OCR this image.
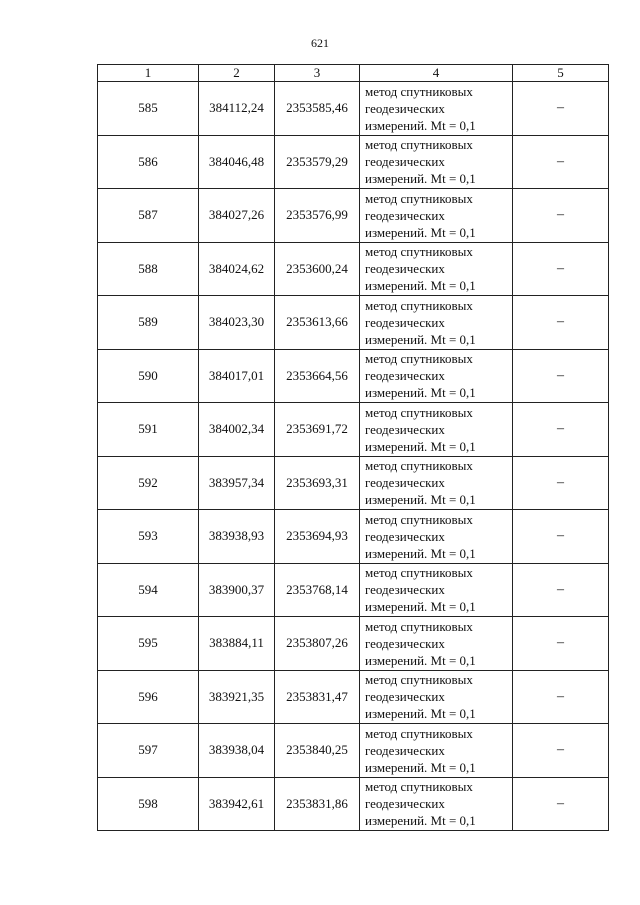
621
1	2	3	4	5
585	384112,24	2353585,46	метод спутниковых
геодезических
измерений. Mt = 0,1	–
586	384046,48	2353579,29	метод спутниковых
геодезических
измерений. Mt = 0,1	–
587	384027,26	2353576,99	метод спутниковых
геодезических
измерений. Mt = 0,1	–
588	384024,62	2353600,24	метод спутниковых
геодезических
измерений. Mt = 0,1	–
589	384023,30	2353613,66	метод спутниковых
геодезических
измерений. Mt = 0,1	–
590	384017,01	2353664,56	метод спутниковых
геодезических
измерений. Mt = 0,1	–
591	384002,34	2353691,72	метод спутниковых
геодезических
измерений. Mt = 0,1	–
592	383957,34	2353693,31	метод спутниковых
геодезических
измерений. Mt = 0,1	–
593	383938,93	2353694,93	метод спутниковых
геодезических
измерений. Mt = 0,1	–
594	383900,37	2353768,14	метод спутниковых
геодезических
измерений. Mt = 0,1	–
595	383884,11	2353807,26	метод спутниковых
геодезических
измерений. Mt = 0,1	–
596	383921,35	2353831,47	метод спутниковых
геодезических
измерений. Mt = 0,1	–
597	383938,04	2353840,25	метод спутниковых
геодезических
измерений. Mt = 0,1	–
598	383942,61	2353831,86	метод спутниковых
геодезических
измерений. Mt = 0,1	–
